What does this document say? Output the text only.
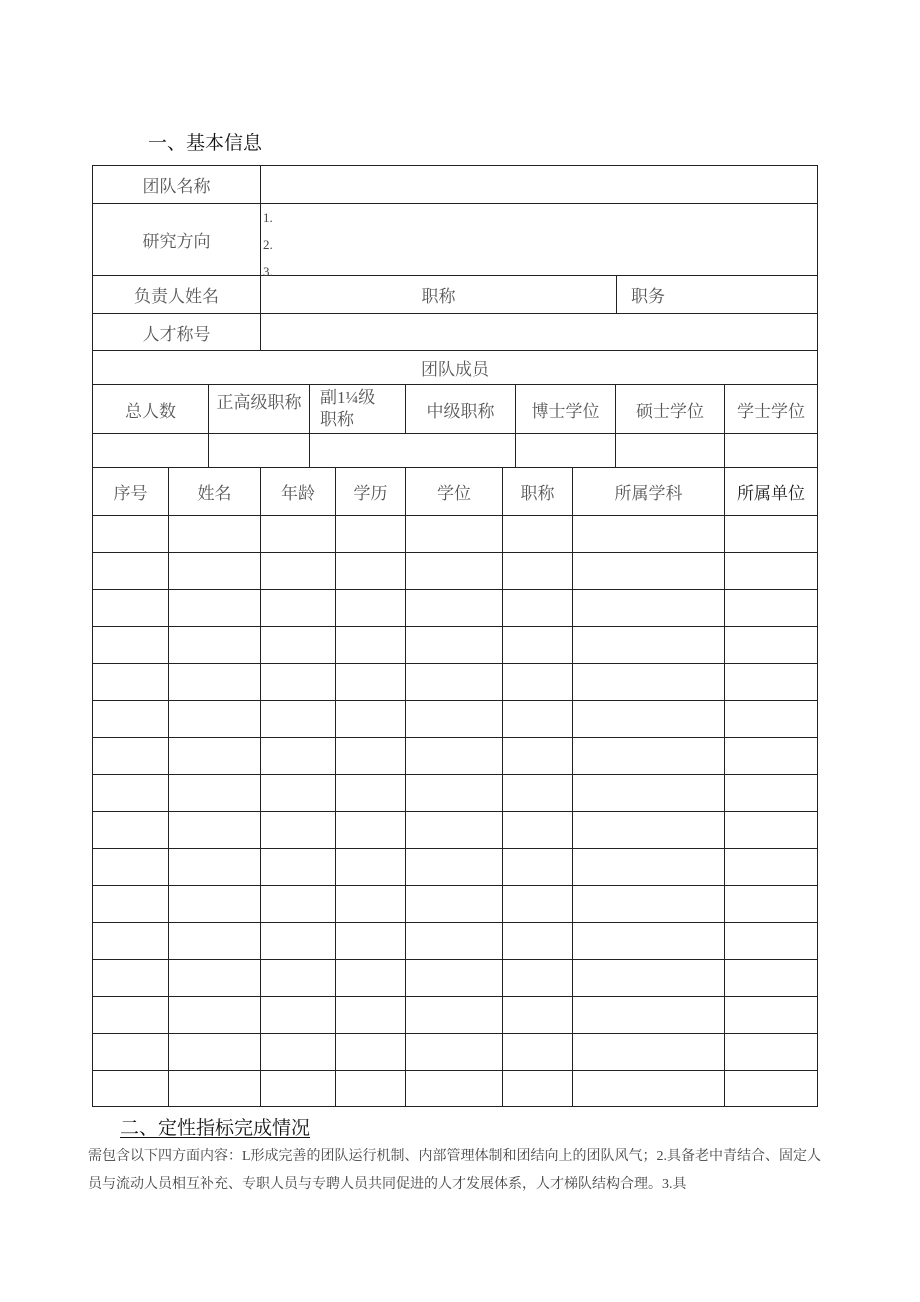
一、基本信息
团队名称
研究方向
1.
2.
3.
负责人姓名	职称	职务
人才称号
团队成员
总人数	正高级职称	副1¼级职称	中级职称	博士学位	硕士学位	学士学位
序号	姓名	年龄	学历	学位	职称	所属学科	所属单位
二、定性指标完成情况
需包含以下四方面内容：L形成完善的团队运行机制、内部管理体制和团结向上的团队风气；2.具备老中青结合、固定人员与流动人员相互补充、专职人员与专聘人员共同促进的人才发展体系，人才梯队结构合理。3.具
